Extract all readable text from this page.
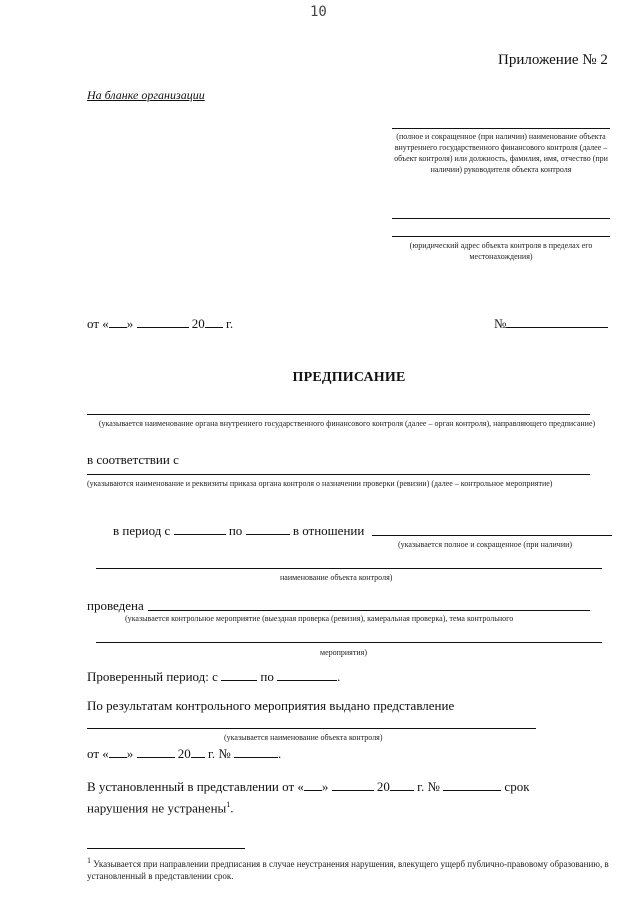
10
Приложение № 2
На бланке организации
(полное и сокращенное (при наличии) наименование объекта внутреннего государственного финансового контроля (далее – объект контроля) или должность, фамилия, имя, отчество (при наличии) руководителя объекта контроля
(юридический адрес объекта контроля в пределах его местонахождения)
от « »	20 г.	№
ПРЕДПИСАНИЕ
(указывается наименование органа внутреннего государственного финансового контроля (далее – орган контроля), направляющего предписание)
в соответствии с
(указываются наименование и реквизиты приказа органа контроля о назначении проверки (ревизии) (далее – контрольное мероприятие)
в период с	по	в отношении
(указывается полное и сокращенное (при наличии)
наименование объекта контроля)
проведена
(указывается контрольное мероприятие (выездная проверка (ревизия), камеральная проверка), тема контрольного
мероприятия)
Проверенный период: с	по	.
По результатам контрольного мероприятия выдано представление
(указывается наименование объекта контроля)
от « »	20 г. №	.
В установленный в представлении от « »	20 г. №	срок
нарушения не устранены$^1$.
$^1$ Указывается при направлении предписания в случае неустранения нарушения, влекущего ущерб публично-правовому образованию, в установленный в представлении срок.
